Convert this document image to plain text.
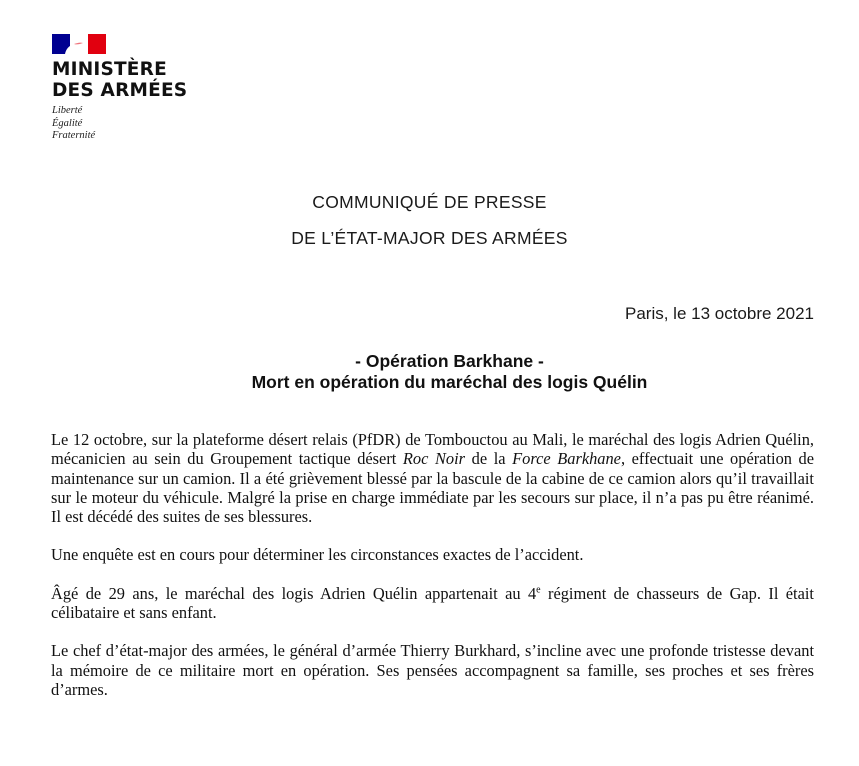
MINISTÈRE
DES ARMÉES
Liberté
Égalité
Fraternité
COMMUNIQUÉ DE PRESSE
DE L’ÉTAT-MAJOR DES ARMÉES
Paris, le 13 octobre 2021
- Opération Barkhane -
Mort en opération du maréchal des logis Quélin

Le 12 octobre, sur la plateforme désert relais (PfDR) de Tombouctou au Mali, le maréchal des logis Adrien Quélin, mécanicien au sein du Groupement tactique désert Roc Noir de la Force Barkhane, effectuait une opération de maintenance sur un camion. Il a été grièvement blessé par la bascule de la cabine de ce camion alors qu’il travaillait sur le moteur du véhicule. Malgré la prise en charge immédiate par les secours sur place, il n’a pas pu être réanimé. Il est décédé des suites de ses blessures.

Une enquête est en cours pour déterminer les circonstances exactes de l’accident.

Âgé de 29 ans, le maréchal des logis Adrien Quélin appartenait au 4e régiment de chasseurs de Gap. Il était célibataire et sans enfant.

Le chef d’état-major des armées, le général d’armée Thierry Burkhard, s’incline avec une profonde tristesse devant la mémoire de ce militaire mort en opération. Ses pensées accompagnent sa famille, ses proches et ses frères d’armes.
